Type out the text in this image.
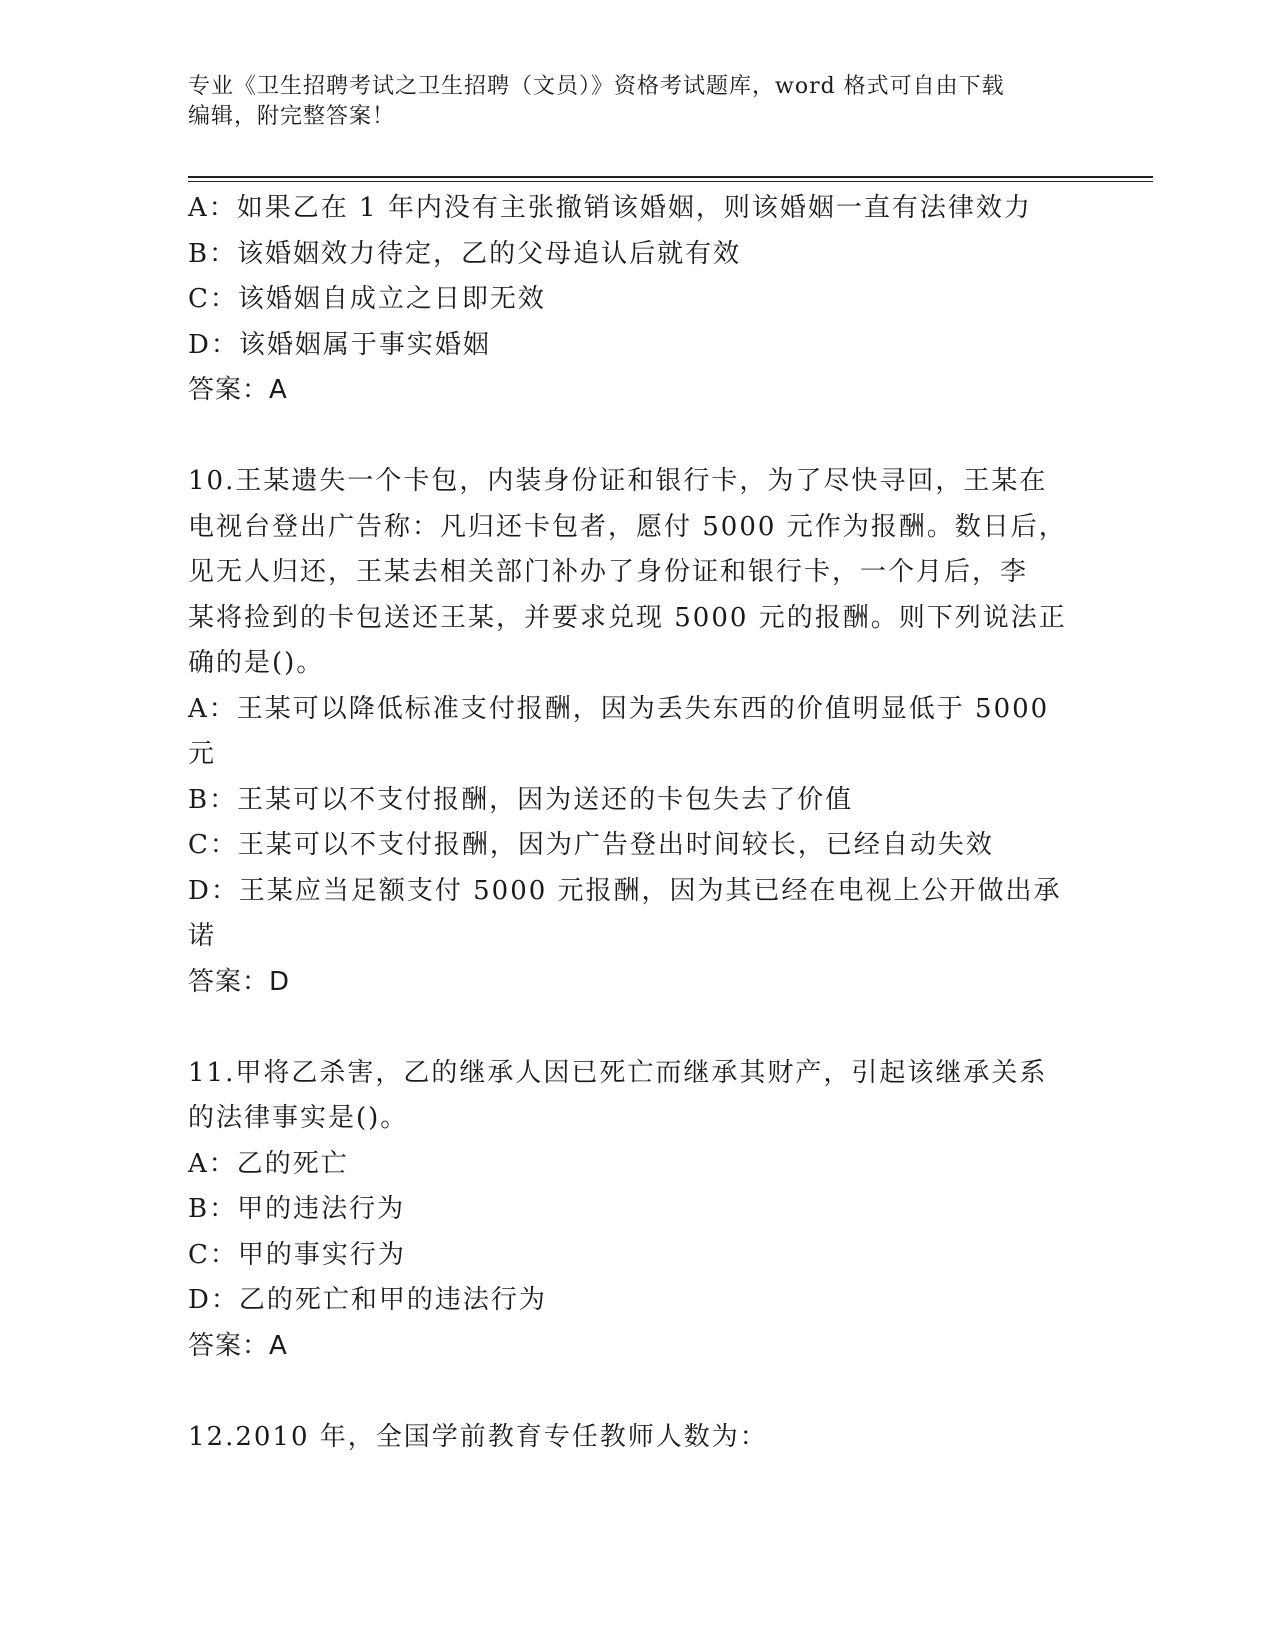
专业《卫生招聘考试之卫生招聘（文员）》资格考试题库，word 格式可自由下载
编辑，附完整答案！
A：如果乙在 1 年内没有主张撤销该婚姻，则该婚姻一直有法律效力
B：该婚姻效力待定，乙的父母追认后就有效
C：该婚姻自成立之日即无效
D：该婚姻属于事实婚姻
答案：A
10.王某遗失一个卡包，内装身份证和银行卡，为了尽快寻回，王某在
电视台登出广告称：凡归还卡包者，愿付 5000 元作为报酬。数日后，
见无人归还，王某去相关部门补办了身份证和银行卡，一个月后，李
某将捡到的卡包送还王某，并要求兑现 5000 元的报酬。则下列说法正
确的是()。
A：王某可以降低标准支付报酬，因为丢失东西的价值明显低于 5000
元
B：王某可以不支付报酬，因为送还的卡包失去了价值
C：王某可以不支付报酬，因为广告登出时间较长，已经自动失效
D：王某应当足额支付 5000 元报酬，因为其已经在电视上公开做出承
诺
答案：D
11.甲将乙杀害，乙的继承人因已死亡而继承其财产，引起该继承关系
的法律事实是()。
A：乙的死亡
B：甲的违法行为
C：甲的事实行为
D：乙的死亡和甲的违法行为
答案：A
12.2010 年，全国学前教育专任教师人数为：
